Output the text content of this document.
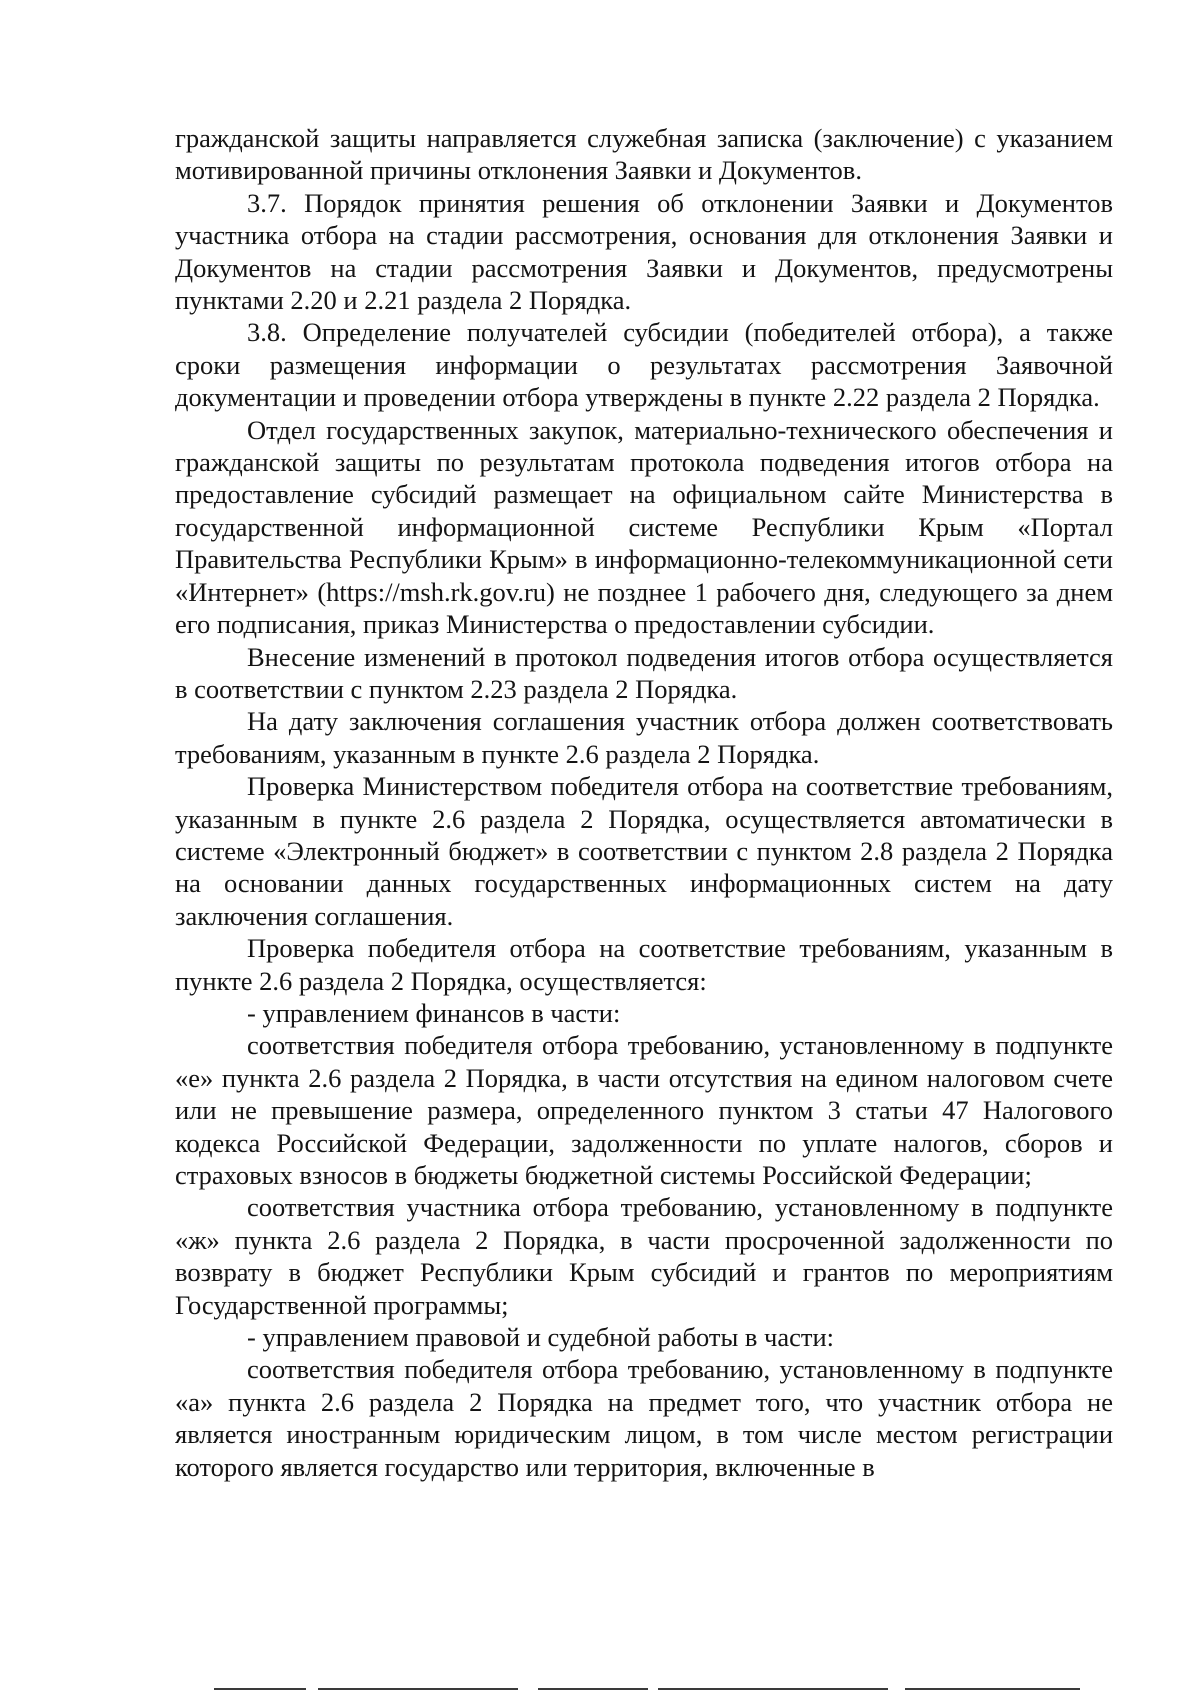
гражданской защиты направляется служебная записка (заключение) с указанием мотивированной причины отклонения Заявки и Документов.

3.7. Порядок принятия решения об отклонении Заявки и Документов участника отбора на стадии рассмотрения, основания для отклонения Заявки и Документов на стадии рассмотрения Заявки и Документов, предусмотрены пунктами 2.20 и 2.21 раздела 2 Порядка.

3.8. Определение получателей субсидии (победителей отбора), а также сроки размещения информации о результатах рассмотрения Заявочной документации и проведении отбора утверждены в пункте 2.22 раздела 2 Порядка.

Отдел государственных закупок, материально-технического обеспечения и гражданской защиты по результатам протокола подведения итогов отбора на предоставление субсидий размещает на официальном сайте Министерства в государственной информационной системе Республики Крым «Портал Правительства Республики Крым» в информационно-телекоммуникационной сети «Интернет» (https://msh.rk.gov.ru) не позднее 1 рабочего дня, следующего за днем его подписания, приказ Министерства о предоставлении субсидии.

Внесение изменений в протокол подведения итогов отбора осуществляется в соответствии с пунктом 2.23 раздела 2 Порядка.

На дату заключения соглашения участник отбора должен соответствовать требованиям, указанным в пункте 2.6 раздела 2 Порядка.

Проверка Министерством победителя отбора на соответствие требованиям, указанным в пункте 2.6 раздела 2 Порядка, осуществляется автоматически в системе «Электронный бюджет» в соответствии с пунктом 2.8 раздела 2 Порядка на основании данных государственных информационных систем на дату заключения соглашения.

Проверка победителя отбора на соответствие требованиям, указанным в пункте 2.6 раздела 2 Порядка, осуществляется:

- управлением финансов в части:

соответствия победителя отбора требованию, установленному в подпункте «е» пункта 2.6 раздела 2 Порядка, в части отсутствия на едином налоговом счете или не превышение размера, определенного пунктом 3 статьи 47 Налогового кодекса Российской Федерации, задолженности по уплате налогов, сборов и страховых взносов в бюджеты бюджетной системы Российской Федерации;

соответствия участника отбора требованию, установленному в подпункте «ж» пункта 2.6 раздела 2 Порядка, в части просроченной задолженности по возврату в бюджет Республики Крым субсидий и грантов по мероприятиям Государственной программы;

- управлением правовой и судебной работы в части:

соответствия победителя отбора требованию, установленному в подпункте «а» пункта 2.6 раздела 2 Порядка на предмет того, что участник отбора не является иностранным юридическим лицом, в том числе местом регистрации которого является государство или территория, включенные в
